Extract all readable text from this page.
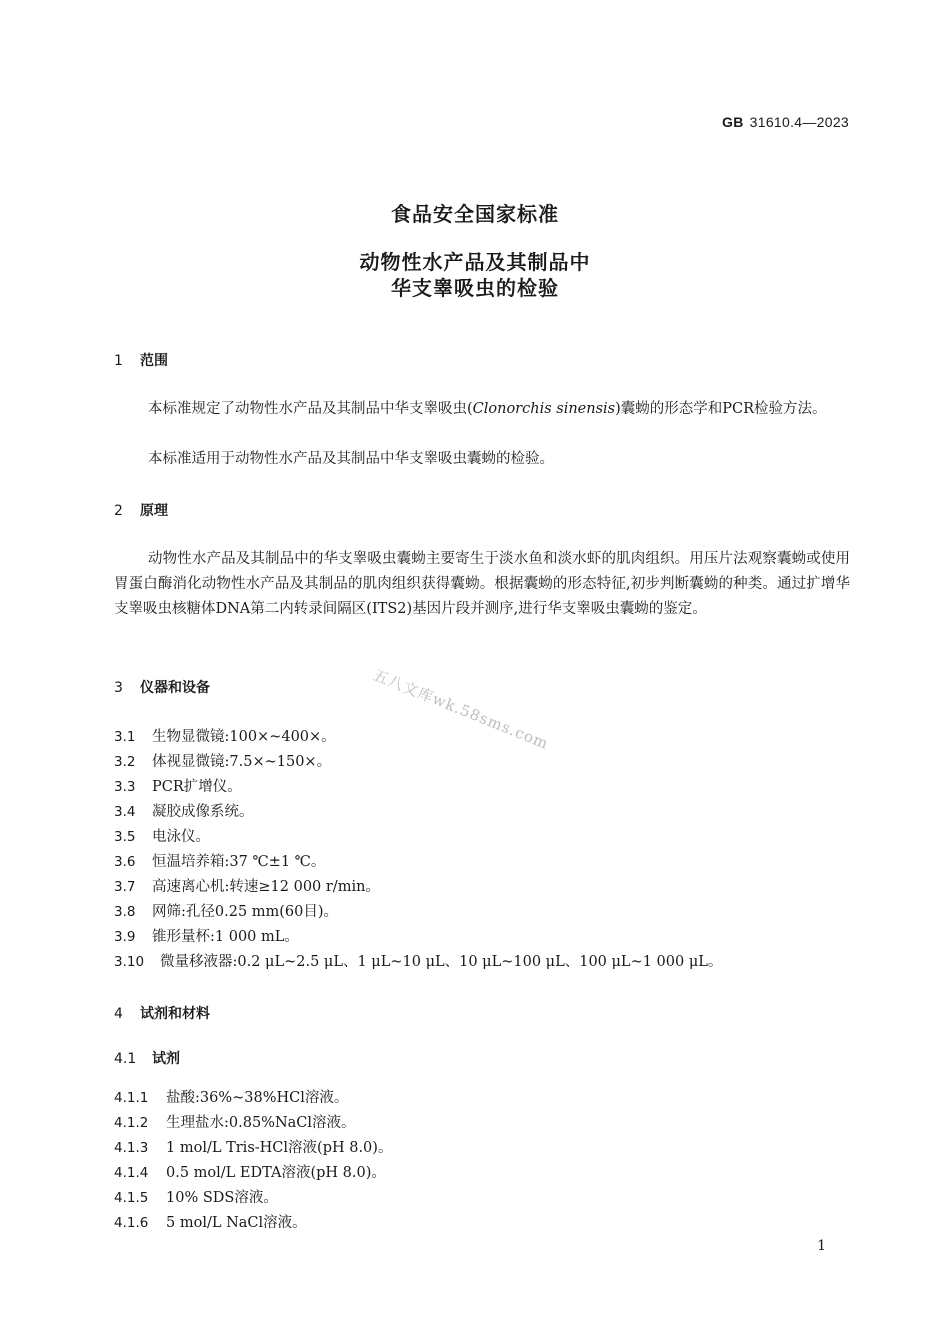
GB 31610.4—2023
食品安全国家标准
动物性水产品及其制品中
华支睾吸虫的检验
1 范围
本标准规定了动物性水产品及其制品中华支睾吸虫(Clonorchis sinensis)囊蚴的形态学和PCR检验方法。
本标准适用于动物性水产品及其制品中华支睾吸虫囊蚴的检验。
2 原理
动物性水产品及其制品中的华支睾吸虫囊蚴主要寄生于淡水鱼和淡水虾的肌肉组织。用压片法观察囊蚴或使用胃蛋白酶消化动物性水产品及其制品的肌肉组织获得囊蚴。根据囊蚴的形态特征,初步判断囊蚴的种类。通过扩增华支睾吸虫核糖体DNA第二内转录间隔区(ITS2)基因片段并测序,进行华支睾吸虫囊蚴的鉴定。
3 仪器和设备
3.1 生物显微镜:100×~400×。
3.2 体视显微镜:7.5×~150×。
3.3 PCR扩增仪。
3.4 凝胶成像系统。
3.5 电泳仪。
3.6 恒温培养箱:37 ℃±1 ℃。
3.7 高速离心机:转速≥12 000 r/min。
3.8 网筛:孔径0.25 mm(60目)。
3.9 锥形量杯:1 000 mL。
3.10 微量移液器:0.2 μL~2.5 μL、1 μL~10 μL、10 μL~100 μL、100 μL~1 000 μL。
4 试剂和材料
4.1 试剂
4.1.1 盐酸:36%~38%HCl溶液。
4.1.2 生理盐水:0.85%NaCl溶液。
4.1.3 1 mol/L Tris-HCl溶液(pH 8.0)。
4.1.4 0.5 mol/L EDTA溶液(pH 8.0)。
4.1.5 10% SDS溶液。
4.1.6 5 mol/L NaCl溶液。
五八文库wk.58sms.com
1
